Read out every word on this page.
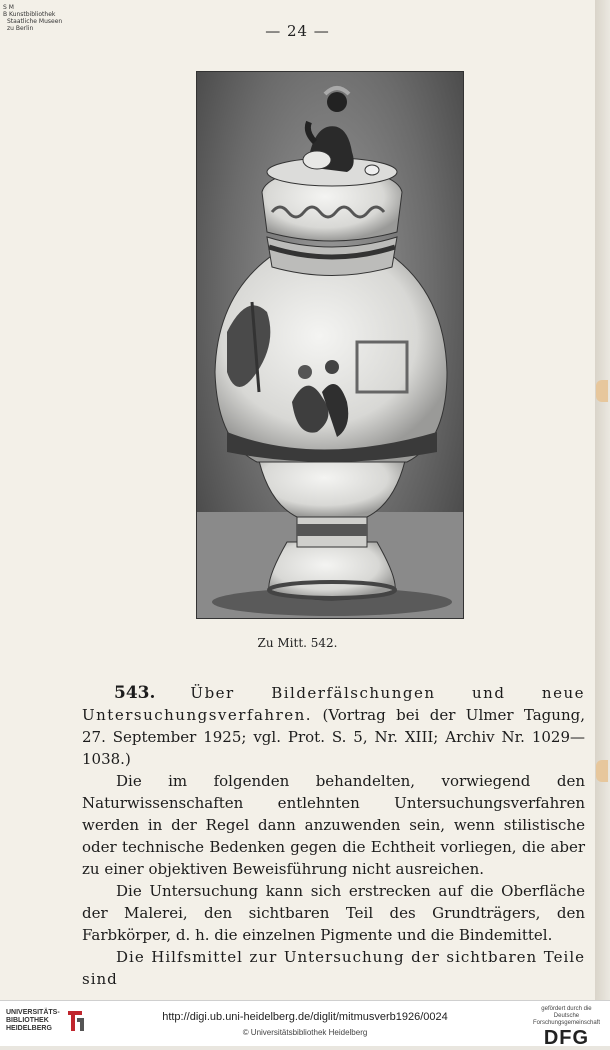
S M
B Kunstbibliothek
Staatliche Museen
zu Berlin	— 24 —
Zu Mitt. 542.

543. Über Bilderfälschungen und neue Untersuchungsverfahren. (Vortrag bei der Ulmer Tagung, 27. September 1925; vgl. Prot. S. 5, Nr. XIII; Archiv Nr. 1029—1038.)

Die im folgenden behandelten, vorwiegend den Naturwissenschaften entlehnten Untersuchungsverfahren werden in der Regel dann anzuwenden sein, wenn stilistische oder technische Bedenken gegen die Echtheit vorliegen, die aber zu einer objektiven Beweisführung nicht ausreichen.

Die Untersuchung kann sich erstrecken auf die Oberfläche der Malerei, den sichtbaren Teil des Grundträgers, den Farbkörper, d. h. die einzelnen Pigmente und die Bindemittel.

Die Hilfsmittel zur Untersuchung der sichtbaren Teile sind

UNIVERSITÄTS-
BIBLIOTHEK
HEIDELBERG
http://digi.ub.uni-heidelberg.de/diglit/mitmusverb1926/0024
© Universitätsbibliothek Heidelberg
gefördert durch die
Deutsche
Forschungsgemeinschaft
DFG
